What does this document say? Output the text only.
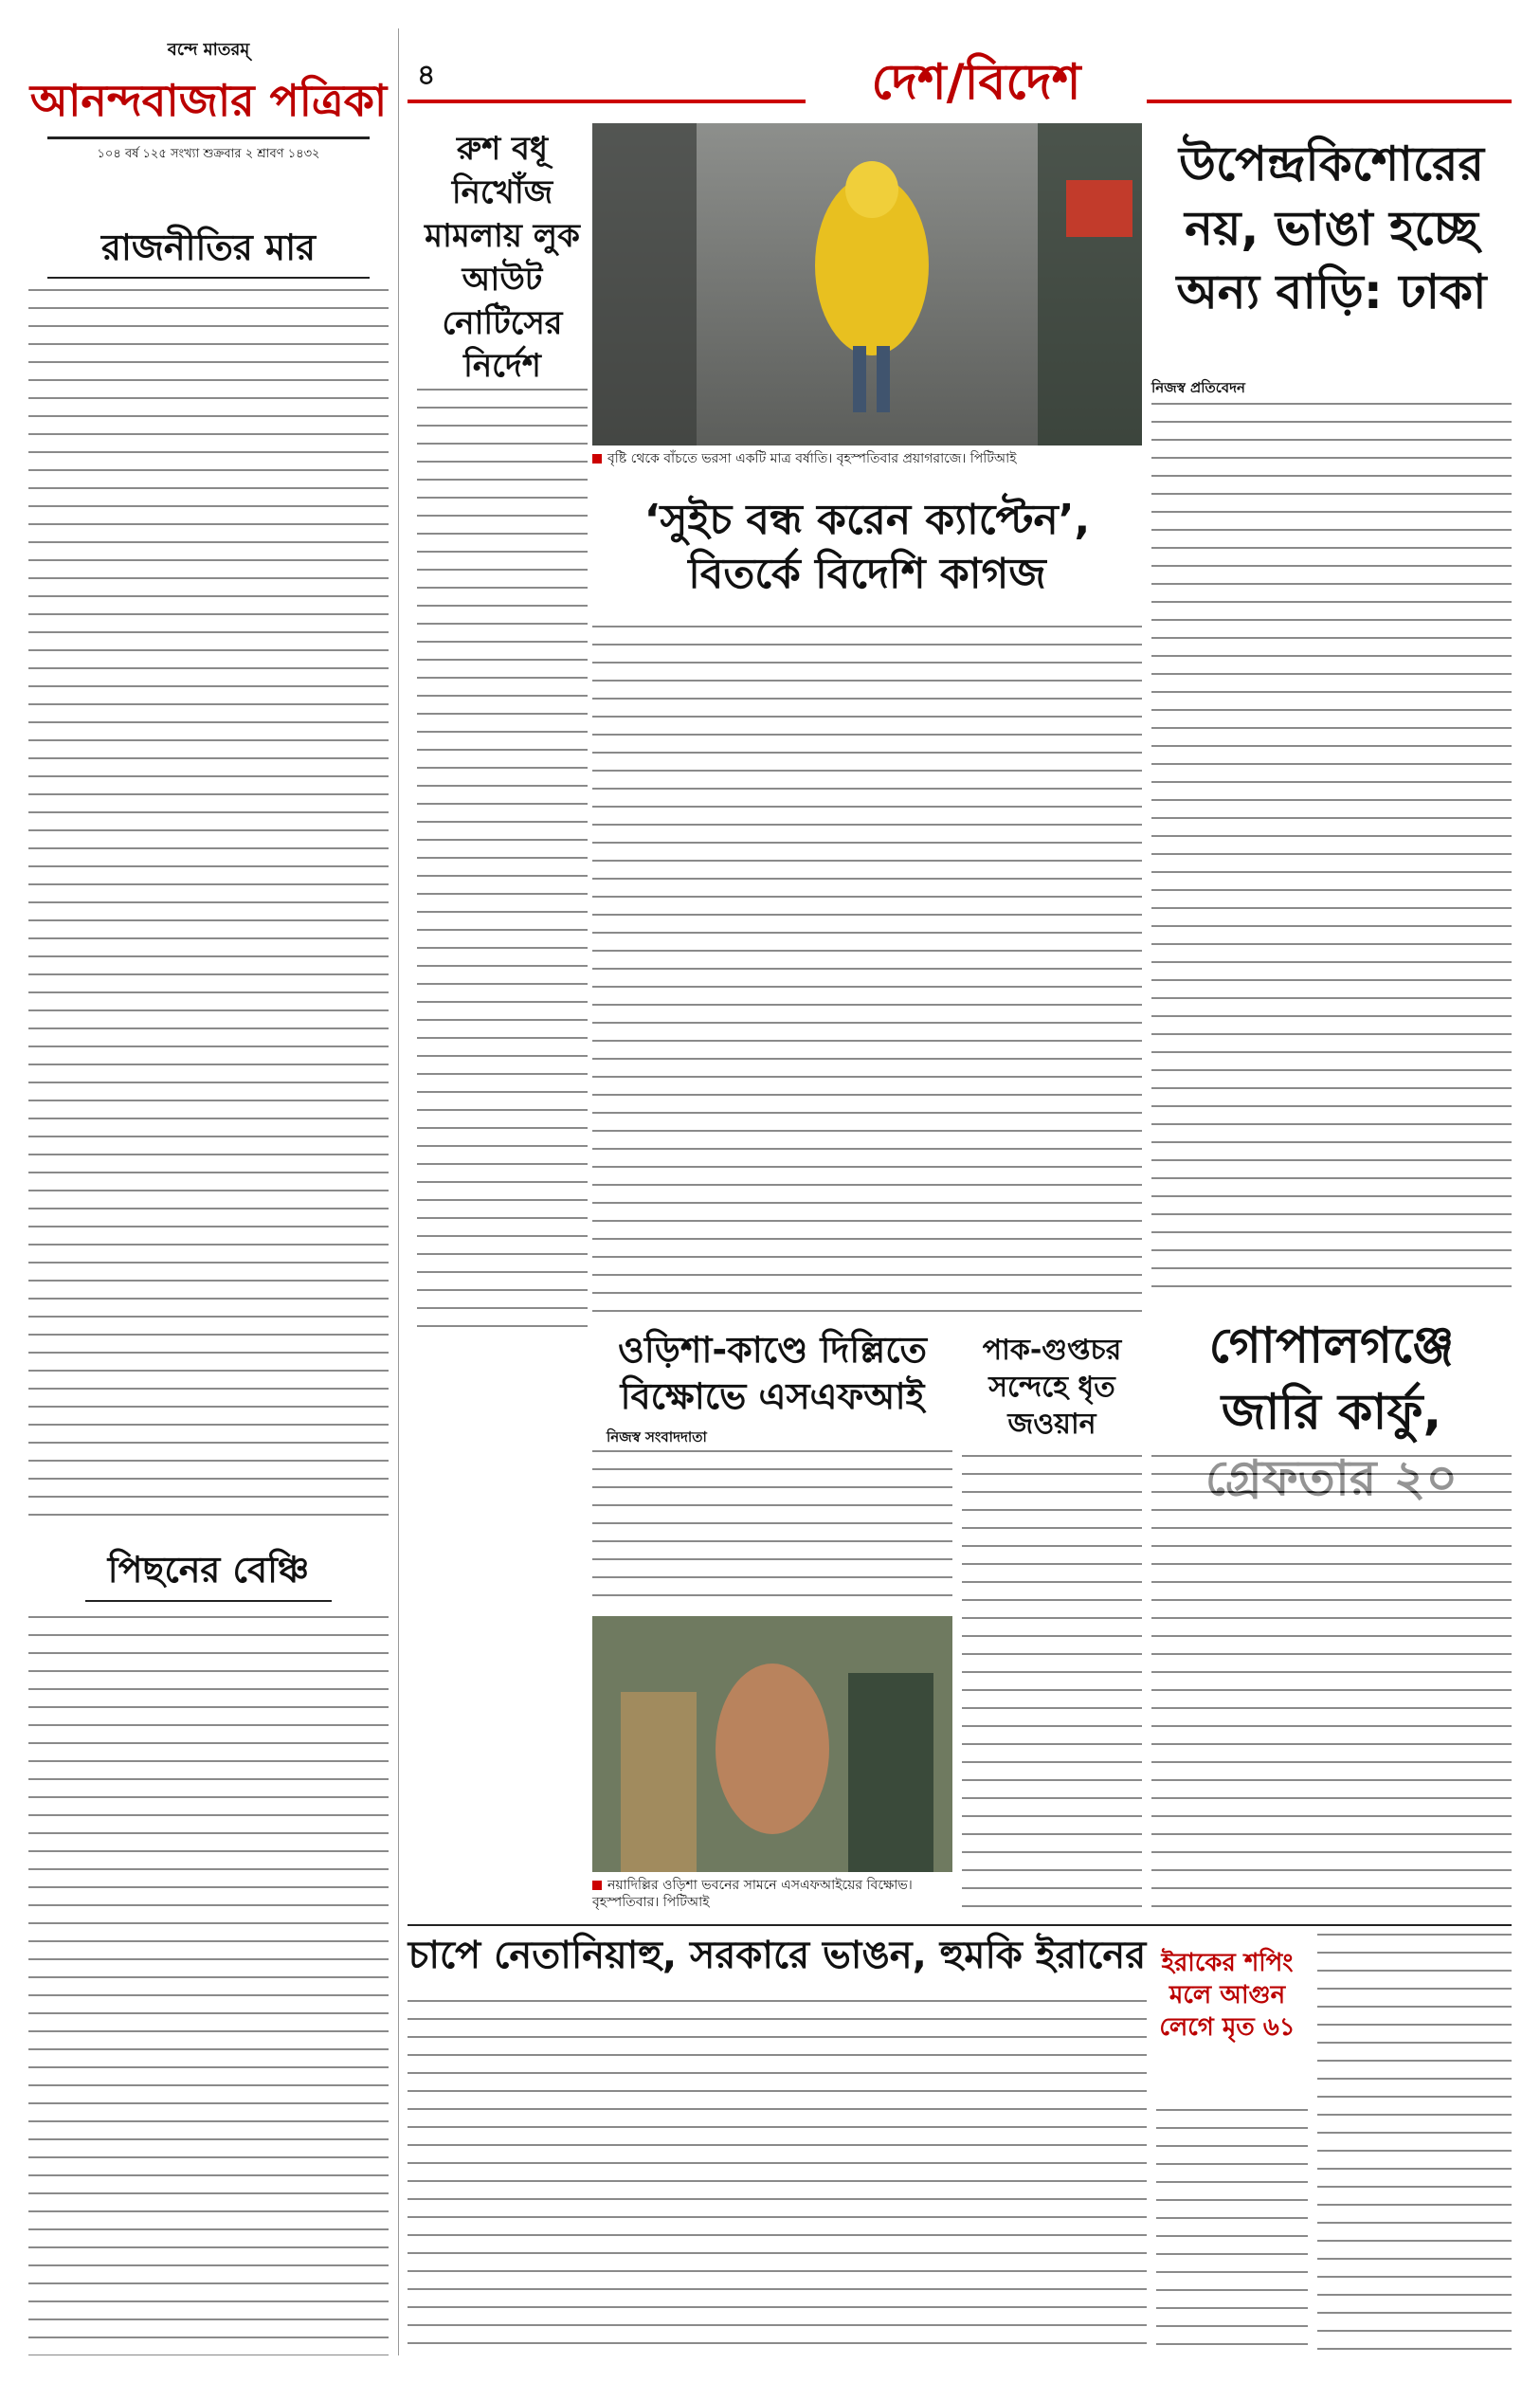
বন্দে মাতরম্‌
আনন্দবাজার পত্রিকা
১০৪ বর্ষ ১২৫ সংখ্যা শুক্রবার ২ শ্রাবণ ১৪৩২
রাজনীতির মার
পিছনের বেঞ্চি
৪	দেশ/বিদেশ
রুশ বধূ নিখোঁজ মামলায় লুক আউট নোটিসের নির্দেশ
বৃষ্টি থেকে বাঁচতে ভরসা একটি মাত্র বর্ষাতি। বৃহস্পতিবার প্রয়াগরাজে। পিটিআই
উপেন্দ্রকিশোরের নয়, ভাঙা হচ্ছে অন্য বাড়ি: ঢাকা
নিজস্ব প্রতিবেদন
‘সুইচ বন্ধ করেন ক্যাপ্টেন’, বিতর্কে বিদেশি কাগজ
ওড়িশা-কাণ্ডে দিল্লিতে বিক্ষোভে এসএফআই
নিজস্ব সংবাদদাতা
নয়াদিল্লির ওড়িশা ভবনের সামনে এসএফআইয়ের বিক্ষোভ। বৃহস্পতিবার। পিটিআই
পাক-গুপ্তচর সন্দেহে ধৃত জওয়ান
গোপালগঞ্জে জারি কার্ফু,
চাপে নেতানিয়াহু, সরকারে ভাঙন, হুমকি ইরানের ইরাকের শপিং মলে আগুন লেগে মৃত ৬১
